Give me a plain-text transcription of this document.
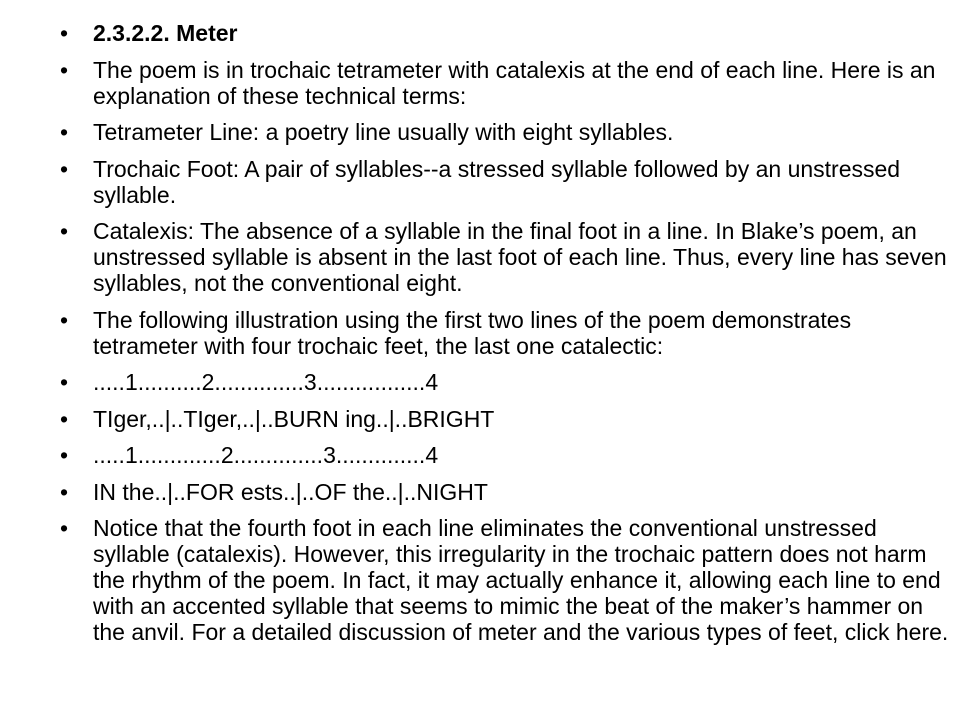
• 2.3.2.2. Meter
• The poem is in trochaic tetrameter with catalexis at the end of each line. Here is an explanation of these technical terms:
• Tetrameter Line: a poetry line usually with eight syllables.
• Trochaic Foot: A pair of syllables--a stressed syllable followed by an unstressed syllable.
• Catalexis: The absence of a syllable in the final foot in a line. In Blake’s poem, an unstressed syllable is absent in the last foot of each line. Thus, every line has seven syllables, not the conventional eight.
• The following illustration using the first two lines of the poem demonstrates tetrameter with four trochaic feet, the last one catalectic:
• .....1..........2..............3.................4
• TIger,..|..TIger,..|..BURN ing..|..BRIGHT
• .....1.............2..............3..............4
• IN the..|..FOR ests..|..OF the..|..NIGHT
• Notice that the fourth foot in each line eliminates the conventional unstressed syllable (catalexis). However, this irregularity in the trochaic pattern does not harm the rhythm of the poem. In fact, it may actually enhance it, allowing each line to end with an accented syllable that seems to mimic the beat of the maker’s hammer on the anvil. For a detailed discussion of meter and the various types of feet, click here.
